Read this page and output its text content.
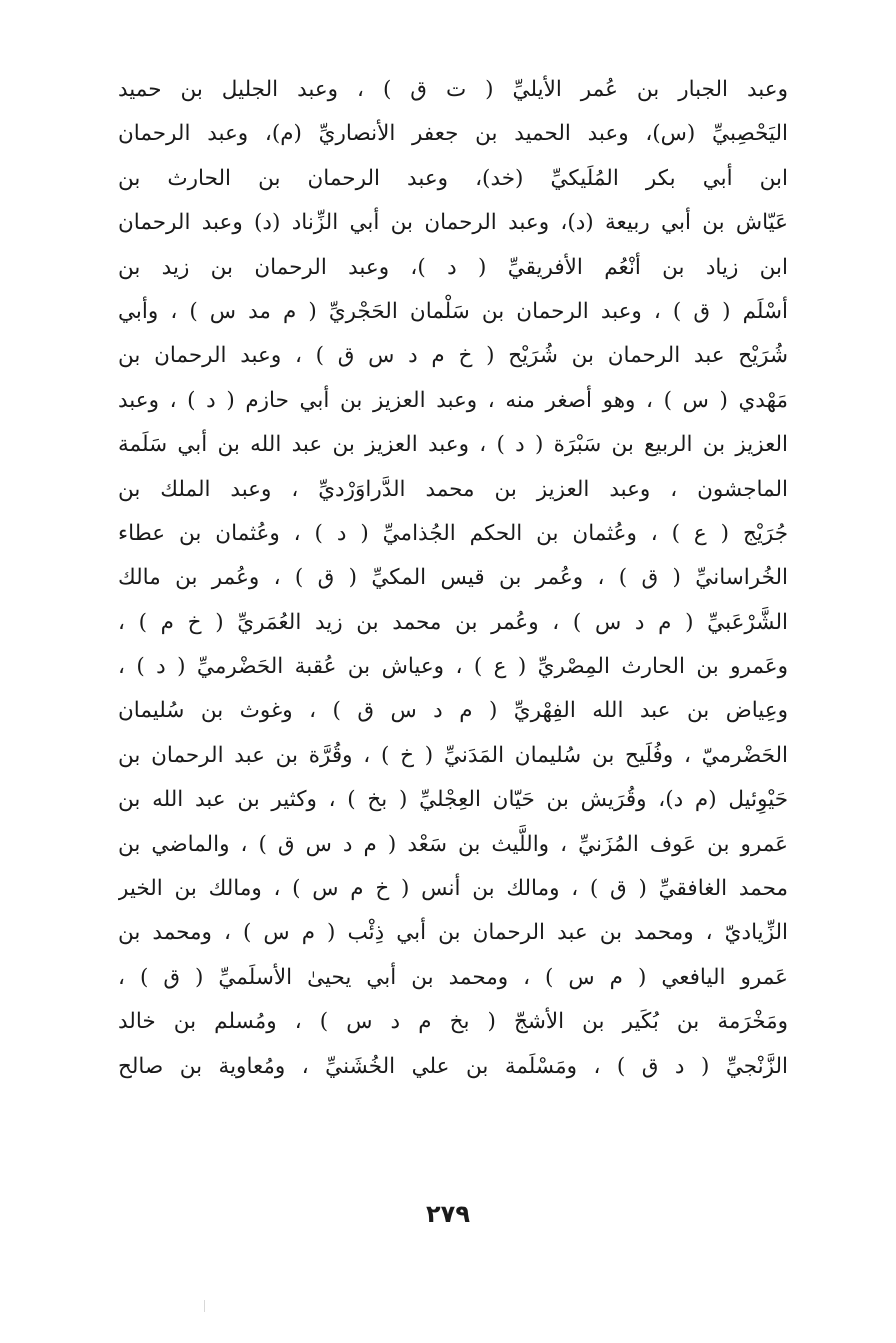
وعبد الجبار بن عُمر الأيليِّ ( ت ق ) ، وعبد الجليل بن حميد
اليَحْصِبيِّ (س)، وعبد الحميد بن جعفر الأنصاريِّ (م)، وعبد الرحمان
ابن أبي بكر المُلَيكيِّ (خد)، وعبد الرحمان بن الحارث بن
عَيّاش بن أبي ربيعة (د)، وعبد الرحمان بن أبي الزِّناد (د) وعبد الرحمان
ابن زياد بن أنْعُم الأفريقيِّ ( د )، وعبد الرحمان بن زيد بن
أسْلَم ( ق ) ، وعبد الرحمان بن سَلْمان الحَجْريِّ ( م مد س ) ، وأبي
شُرَيْح عبد الرحمان بن شُرَيْح ( خ م د س ق ) ، وعبد الرحمان بن
مَهْدي ( س ) ، وهو أصغر منه ، وعبد العزيز بن أبي حازم ( د ) ، وعبد
العزيز بن الربيع بن سَبْرَة ( د ) ، وعبد العزيز بن عبد الله بن أبي سَلَمة
الماجشون ، وعبد العزيز بن محمد الدَّراوَرْديِّ ، وعبد الملك بن
جُرَيْج ( ع ) ، وعُثمان بن الحكم الجُذاميِّ ( د ) ، وعُثمان بن عطاء
الخُراسانيِّ ( ق ) ، وعُمر بن قيس المكيِّ ( ق ) ، وعُمر بن مالك
الشَّرْعَبيِّ ( م د س ) ، وعُمر بن محمد بن زيد العُمَريِّ ( خ م ) ،
وعَمرو بن الحارث المِصْريِّ ( ع ) ، وعياش بن عُقبة الحَضْرميِّ ( د ) ،
وعِياض بن عبد الله الفِهْريِّ ( م د س ق ) ، وغوث بن سُليمان
الحَضْرميّ ، وفُلَيح بن سُليمان المَدَنيِّ ( خ ) ، وقُرَّة بن عبد الرحمان بن
حَيْوِئيل (م د)، وقُرَيش بن حَيّان العِجْليِّ ( بخ ) ، وكثير بن عبد الله بن
عَمرو بن عَوف المُزَنيِّ ، واللَّيث بن سَعْد ( م د س ق ) ، والماضي بن
محمد الغافقيِّ ( ق ) ، ومالك بن أنس ( خ م س ) ، ومالك بن الخير
الزِّياديّ ، ومحمد بن عبد الرحمان بن أبي ذِئْب ( م س ) ، ومحمد بن
عَمرو اليافعي ( م س ) ، ومحمد بن أبي يحيىٰ الأسلَميِّ ( ق ) ،
ومَخْرَمة بن بُكَير بن الأشجّ ( بخ م د س ) ، ومُسلم بن خالد
الزَّنْجيِّ ( د ق ) ، ومَسْلَمة بن علي الخُشَنيِّ ، ومُعاوية بن صالح
٢٧٩
